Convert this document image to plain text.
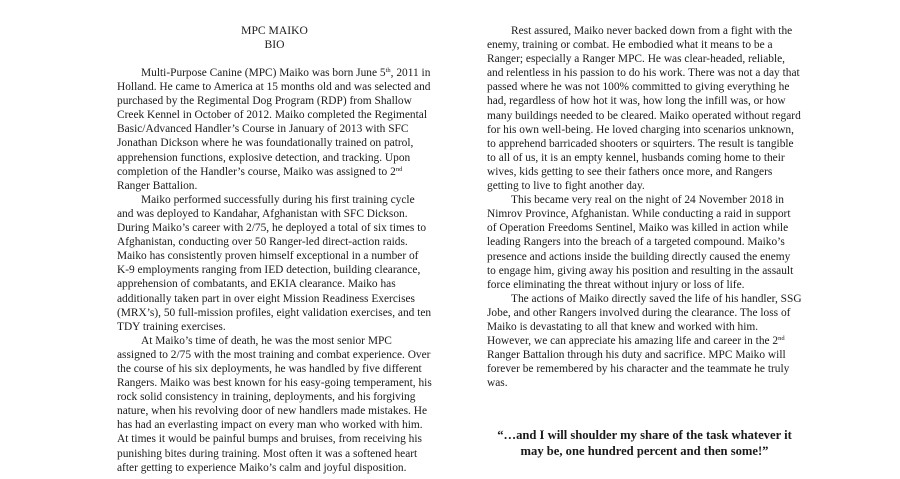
MPC MAIKO
BIO

Multi-Purpose Canine (MPC) Maiko was born June 5th, 2011 in Holland. He came to America at 15 months old and was selected and purchased by the Regimental Dog Program (RDP) from Shallow Creek Kennel in October of 2012. Maiko completed the Regimental Basic/Advanced Handler’s Course in January of 2013 with SFC Jonathan Dickson where he was foundationally trained on patrol, apprehension functions, explosive detection, and tracking. Upon completion of the Handler’s course, Maiko was assigned to 2nd Ranger Battalion.

Maiko performed successfully during his first training cycle and was deployed to Kandahar, Afghanistan with SFC Dickson. During Maiko’s career with 2/75, he deployed a total of six times to Afghanistan, conducting over 50 Ranger-led direct-action raids. Maiko has consistently proven himself exceptional in a number of K-9 employments ranging from IED detection, building clearance, apprehension of combatants, and EKIA clearance. Maiko has additionally taken part in over eight Mission Readiness Exercises (MRX’s), 50 full-mission profiles, eight validation exercises, and ten TDY training exercises.

At Maiko’s time of death, he was the most senior MPC assigned to 2/75 with the most training and combat experience. Over the course of his six deployments, he was handled by five different Rangers. Maiko was best known for his easy-going temperament, his rock solid consistency in training, deployments, and his forgiving nature, when his revolving door of new handlers made mistakes. He has had an everlasting impact on every man who worked with him. At times it would be painful bumps and bruises, from receiving his punishing bites during training. Most often it was a softened heart after getting to experience Maiko’s calm and joyful disposition.

Rest assured, Maiko never backed down from a fight with the enemy, training or combat. He embodied what it means to be a Ranger; especially a Ranger MPC. He was clear-headed, reliable, and relentless in his passion to do his work. There was not a day that passed where he was not 100% committed to giving everything he had, regardless of how hot it was, how long the infill was, or how many buildings needed to be cleared. Maiko operated without regard for his own well-being. He loved charging into scenarios unknown, to apprehend barricaded shooters or squirters. The result is tangible to all of us, it is an empty kennel, husbands coming home to their wives, kids getting to see their fathers once more, and Rangers getting to live to fight another day.

This became very real on the night of 24 November 2018 in Nimrov Province, Afghanistan. While conducting a raid in support of Operation Freedoms Sentinel, Maiko was killed in action while leading Rangers into the breach of a targeted compound. Maiko’s presence and actions inside the building directly caused the enemy to engage him, giving away his position and resulting in the assault force eliminating the threat without injury or loss of life.

The actions of Maiko directly saved the life of his handler, SSG Jobe, and other Rangers involved during the clearance. The loss of Maiko is devastating to all that knew and worked with him. However, we can appreciate his amazing life and career in the 2nd Ranger Battalion through his duty and sacrifice. MPC Maiko will forever be remembered by his character and the teammate he truly was.

“…and I will shoulder my share of the task whatever it may be, one hundred percent and then some!”
